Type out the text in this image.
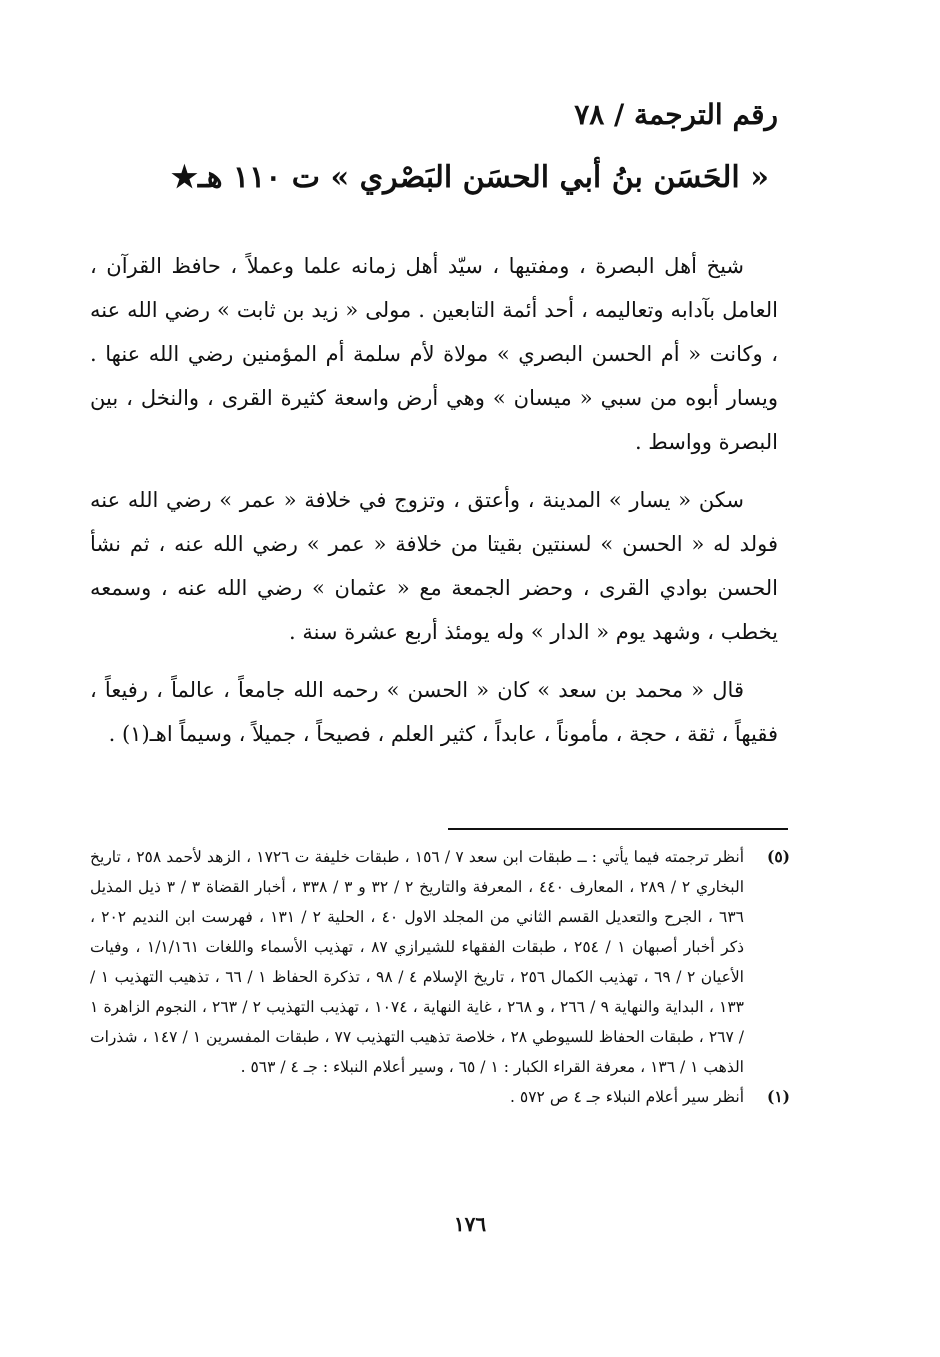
رقم الترجمة / ٧٨
« الحَسَن بنُ أبي الحسَن البَصْري » ت ١١٠ هـ★

شيخ أهل البصرة ، ومفتيها ، سيّد أهل زمانه علما وعملاً ، حافظ القرآن ، العامل بآدابه وتعاليمه ، أحد أئمة التابعين . مولى « زيد بن ثابت » رضي الله عنه ، وكانت « أم الحسن البصري » مولاة لأم سلمة أم المؤمنين رضي الله عنها . ويسار أبوه من سبي « ميسان » وهي أرض واسعة كثيرة القرى ، والنخل ، بين البصرة وواسط .

سكن « يسار » المدينة ، وأعتق ، وتزوج في خلافة « عمر » رضي الله عنه فولد له « الحسن » لسنتين بقيتا من خلافة « عمر » رضي الله عنه ، ثم نشأ الحسن بوادي القرى ، وحضر الجمعة مع « عثمان » رضي الله عنه ، وسمعه يخطب ، وشهد يوم « الدار » وله يومئذ أربع عشرة سنة .

قال « محمد بن سعد » كان « الحسن » رحمه الله جامعاً ، عالماً ، رفيعاً ، فقيهاً ، ثقة ، حجة ، مأموناً ، عابداً ، كثير العلم ، فصيحاً ، جميلاً ، وسيماً اهـ(١) .

(٥)
أنظر ترجمته فيما يأتي : ــ طبقات ابن سعد ٧ / ١٥٦ ، طبقات خليفة ت ١٧٢٦ ، الزهد لأحمد ٢٥٨ ، تاريخ البخاري ٢ / ٢٨٩ ، المعارف ٤٤٠ ، المعرفة والتاريخ ٢ / ٣٢ و ٣ / ٣٣٨ ، أخبار القضاة ٣ / ٣ ذيل المذيل ٦٣٦ ، الجرح والتعديل القسم الثاني من المجلد الاول ٤٠ ، الحلية ٢ / ١٣١ ، فهرست ابن النديم ٢٠٢ ، ذكر أخبار أصبهان ١ / ٢٥٤ ، طبقات الفقهاء للشيرازي ٨٧ ، تهذيب الأسماء واللغات ١/١/١٦١ ، وفيات الأعيان ٢ / ٦٩ ، تهذيب الكمال ٢٥٦ ، تاريخ الإسلام ٤ / ٩٨ ، تذكرة الحفاظ ١ / ٦٦ ، تذهيب التهذيب ١ / ١٣٣ ، البداية والنهاية ٩ / ٢٦٦ ، و ٢٦٨ ، غاية النهاية ، ١٠٧٤ ، تهذيب التهذيب ٢ / ٢٦٣ ، النجوم الزاهرة ١ / ٢٦٧ ، طبقات الحفاظ للسيوطي ٢٨ ، خلاصة تذهيب التهذيب ٧٧ ، طبقات المفسرين ١ / ١٤٧ ، شذرات الذهب ١ / ١٣٦ ، معرفة القراء الكبار : ١ / ٦٥ ، وسير أعلام النبلاء : جـ ٤ / ٥٦٣ .
(١)
أنظر سير أعلام النبلاء جـ ٤ ص ٥٧٢ .
١٧٦
